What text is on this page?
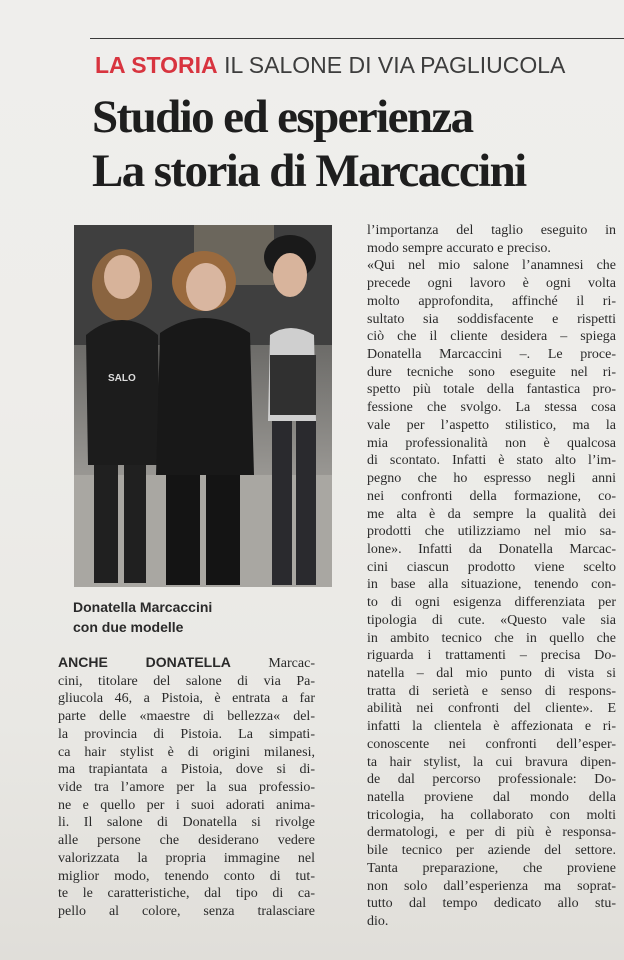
LA STORIA IL SALONE DI VIA PAGLIUCOLA
Studio ed esperienza
La storia di Marcaccini
SALO
Donatella Marcaccini
con due modelle
ANCHE DONATELLA Marcac-
cini, titolare del salone di via Pa-
gliucola 46, a Pistoia, è entrata a far
parte delle «maestre di bellezza« del-
la provincia di Pistoia. La simpati-
ca hair stylist è di origini milanesi,
ma trapiantata a Pistoia, dove si di-
vide tra l’amore per la sua professio-
ne e quello per i suoi adorati anima-
li. Il salone di Donatella si rivolge
alle persone che desiderano vedere
valorizzata la propria immagine nel
miglior modo, tenendo conto di tut-
te le caratteristiche, dal tipo di ca-
pello al colore, senza tralasciare
l’importanza del taglio eseguito in
modo sempre accurato e preciso.
«Qui nel mio salone l’anamnesi che
precede ogni lavoro è ogni volta
molto approfondita, affinché il ri-
sultato sia soddisfacente e rispetti
ciò che il cliente desidera – spiega
Donatella Marcaccini –. Le proce-
dure tecniche sono eseguite nel ri-
spetto più totale della fantastica pro-
fessione che svolgo. La stessa cosa
vale per l’aspetto stilistico, ma la
mia professionalità non è qualcosa
di scontato. Infatti è stato alto l’im-
pegno che ho espresso negli anni
nei confronti della formazione, co-
me alta è da sempre la qualità dei
prodotti che utilizziamo nel mio sa-
lone». Infatti da Donatella Marcac-
cini ciascun prodotto viene scelto
in base alla situazione, tenendo con-
to di ogni esigenza differenziata per
tipologia di cute. «Questo vale sia
in ambito tecnico che in quello che
riguarda i trattamenti – precisa Do-
natella – dal mio punto di vista si
tratta di serietà e senso di respons-
abilità nei confronti del cliente». E
infatti la clientela è affezionata e ri-
conoscente nei confronti dell’esper-
ta hair stylist, la cui bravura dipen-
de dal percorso professionale: Do-
natella proviene dal mondo della
tricologia, ha collaborato con molti
dermatologi, e per di più è responsa-
bile tecnico per aziende del settore.
Tanta preparazione, che proviene
non solo dall’esperienza ma soprat-
tutto dal tempo dedicato allo stu-
dio.
